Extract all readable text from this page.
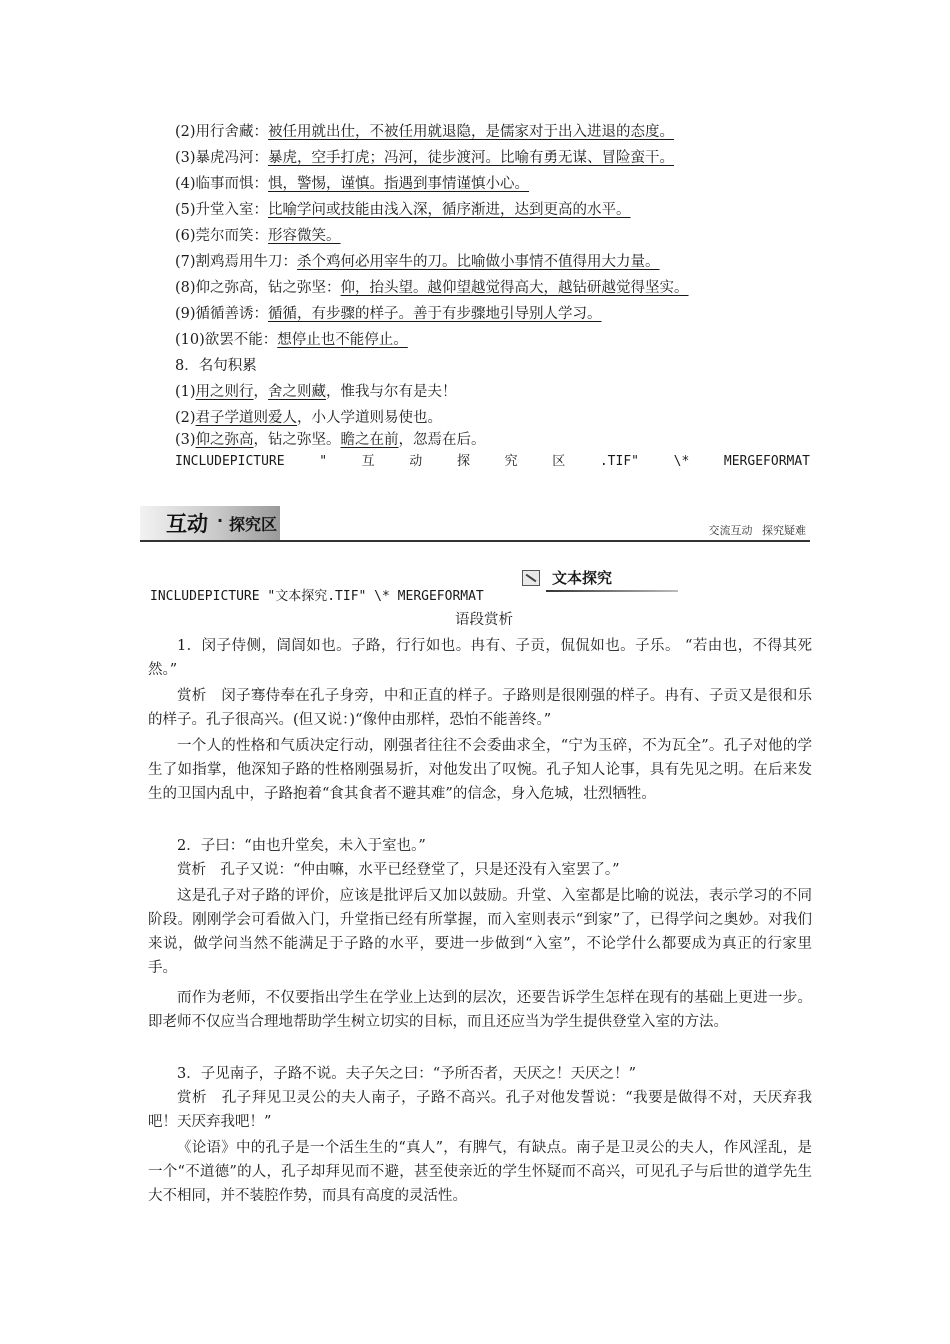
(2)用行舍藏：被任用就出仕，不被任用就退隐，是儒家对于出入进退的态度。
(3)暴虎冯河：暴虎，空手打虎；冯河，徒步渡河。比喻有勇无谋、冒险蛮干。
(4)临事而惧：惧，警惕，谨慎。指遇到事情谨慎小心。
(5)升堂入室：比喻学问或技能由浅入深，循序渐进，达到更高的水平。
(6)莞尔而笑：形容微笑。
(7)割鸡焉用牛刀：杀个鸡何必用宰牛的刀。比喻做小事情不值得用大力量。
(8)仰之弥高，钻之弥坚：仰，抬头望。越仰望越觉得高大，越钻研越觉得坚实。
(9)循循善诱：循循，有步骤的样子。善于有步骤地引导别人学习。
(10)欲罢不能：想停止也不能停止。
8．名句积累
(1)用之则行，舍之则藏，惟我与尔有是夫！
(2)君子学道则爱人，小人学道则易使也。
(3)仰之弥高，钻之弥坚。瞻之在前，忽焉在后。
INCLUDEPICTURE	"	互	动	探	究	区	.TIF"	\*	MERGEFORMAT
互动 · 探究区	交流互动 探究疑难
文本探究
INCLUDEPICTURE "文本探究.TIF" \* MERGEFORMAT
语段赏析
1．闵子侍侧，訚訚如也。子路，行行如也。冉有、子贡，侃侃如也。子乐。 “若由也，不得其死然。”
赏析　闵子骞侍奉在孔子身旁，中和正直的样子。子路则是很刚强的样子。冉有、子贡又是很和乐的样子。孔子很高兴。(但又说：)“像仲由那样，恐怕不能善终。”
一个人的性格和气质决定行动，刚强者往往不会委曲求全，“宁为玉碎，不为瓦全”。孔子对他的学生了如指掌，他深知子路的性格刚强易折，对他发出了叹惋。孔子知人论事，具有先见之明。在后来发生的卫国内乱中，子路抱着“食其食者不避其难”的信念，身入危城，壮烈牺牲。
2．子曰：“由也升堂矣，未入于室也。”
赏析　孔子又说：“仲由嘛，水平已经登堂了，只是还没有入室罢了。”
这是孔子对子路的评价，应该是批评后又加以鼓励。升堂、入室都是比喻的说法，表示学习的不同阶段。刚刚学会可看做入门，升堂指已经有所掌握，而入室则表示“到家”了，已得学问之奥妙。对我们来说，做学问当然不能满足于子路的水平，要进一步做到“入室”，不论学什么都要成为真正的行家里手。
而作为老师，不仅要指出学生在学业上达到的层次，还要告诉学生怎样在现有的基础上更进一步。即老师不仅应当合理地帮助学生树立切实的目标，而且还应当为学生提供登堂入室的方法。
3．子见南子，子路不说。夫子矢之曰：“予所否者，天厌之！天厌之！”
赏析　孔子拜见卫灵公的夫人南子，子路不高兴。孔子对他发誓说：“我要是做得不对，天厌弃我吧！天厌弃我吧！”
《论语》中的孔子是一个活生生的“真人”，有脾气，有缺点。南子是卫灵公的夫人，作风淫乱，是一个“不道德”的人，孔子却拜见而不避，甚至使亲近的学生怀疑而不高兴，可见孔子与后世的道学先生大不相同，并不装腔作势，而具有高度的灵活性。
